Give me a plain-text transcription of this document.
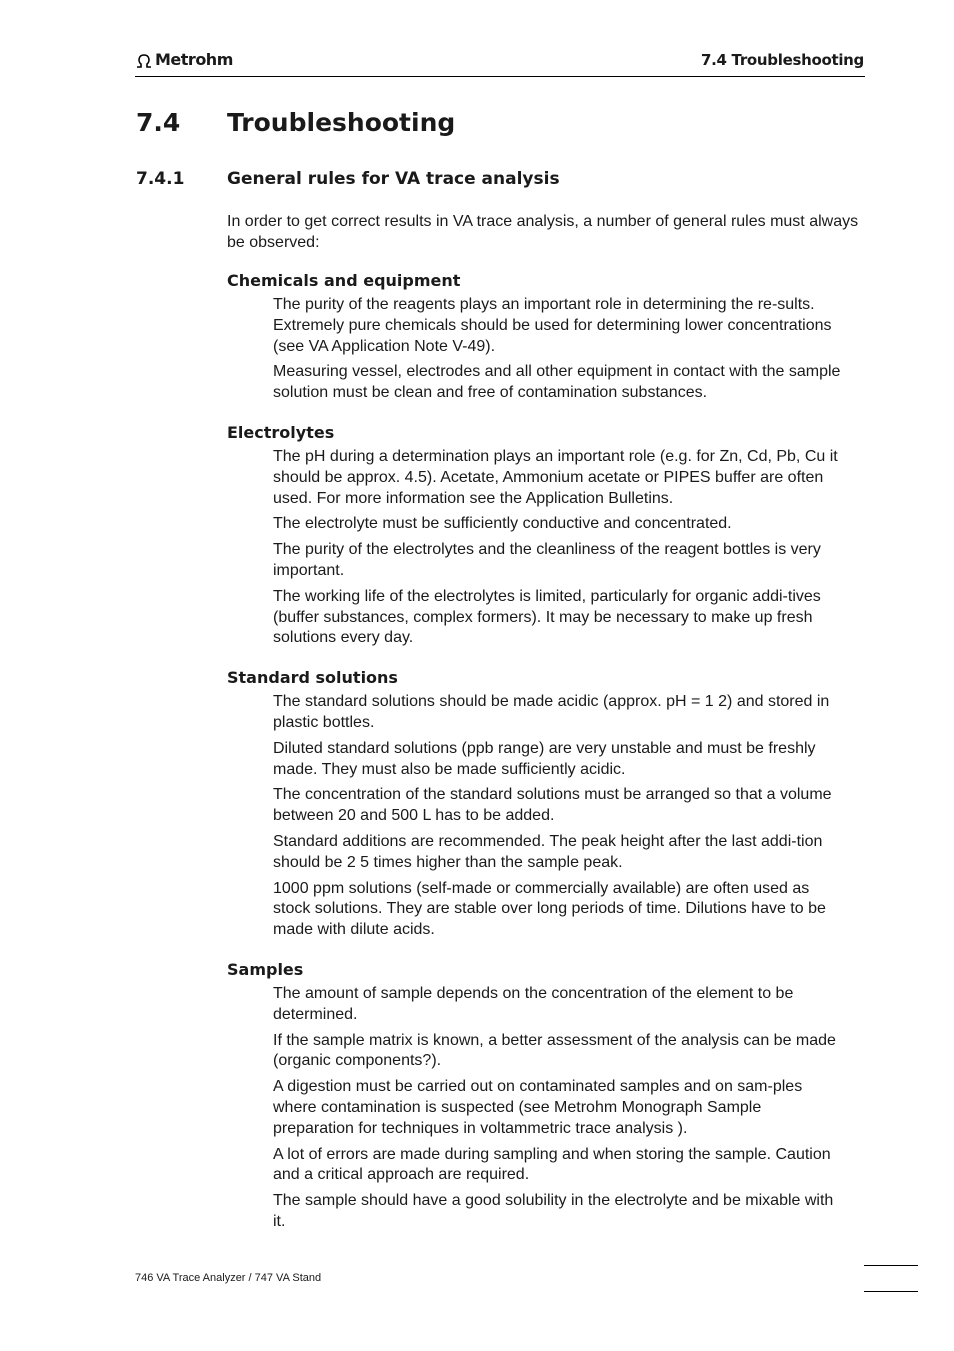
Metrohm	7.4 Troubleshooting
7.4 Troubleshooting
7.4.1	General rules for VA trace analysis
In order to get correct results in VA trace analysis, a number of general rules must always be observed:
Chemicals and equipment

The purity of the reagents plays an important role in determining the re-sults. Extremely pure chemicals should be used for determining lower concentrations (see VA Application Note V-49).

Measuring vessel, electrodes and all other equipment in contact with the sample solution must be clean and free of contamination substances.

Electrolytes

The pH during a determination plays an important role (e.g. for Zn, Cd, Pb, Cu it should be approx. 4.5). Acetate, Ammonium acetate or PIPES buffer are often used. For more information see the Application Bulletins.

The electrolyte must be sufficiently conductive and concentrated.

The purity of the electrolytes and the cleanliness of the reagent bottles is very important.

The working life of the electrolytes is limited, particularly for organic addi-tives (buffer substances, complex formers). It may be necessary to make up fresh solutions every day.

Standard solutions

The standard solutions should be made acidic (approx. pH = 1 2) and stored in plastic bottles.

Diluted standard solutions (ppb range) are very unstable and must be freshly made. They must also be made sufficiently acidic.

The concentration of the standard solutions must be arranged so that a volume between 20 and 500 L has to be added.

Standard additions are recommended. The peak height after the last addi-tion should be 2 5 times higher than the sample peak.

1000 ppm solutions (self-made or commercially available) are often used as stock solutions. They are stable over long periods of time. Dilutions have to be made with dilute acids.

Samples

The amount of sample depends on the concentration of the element to be determined.

If the sample matrix is known, a better assessment of the analysis can be made (organic components?).

A digestion must be carried out on contaminated samples and on sam-ples where contamination is suspected (see Metrohm Monograph Sample preparation for techniques in voltammetric trace analysis ).

A lot of errors are made during sampling and when storing the sample. Caution and a critical approach are required.

The sample should have a good solubility in the electrolyte and be mixable with it.

746 VA Trace Analyzer / 747 VA Stand
